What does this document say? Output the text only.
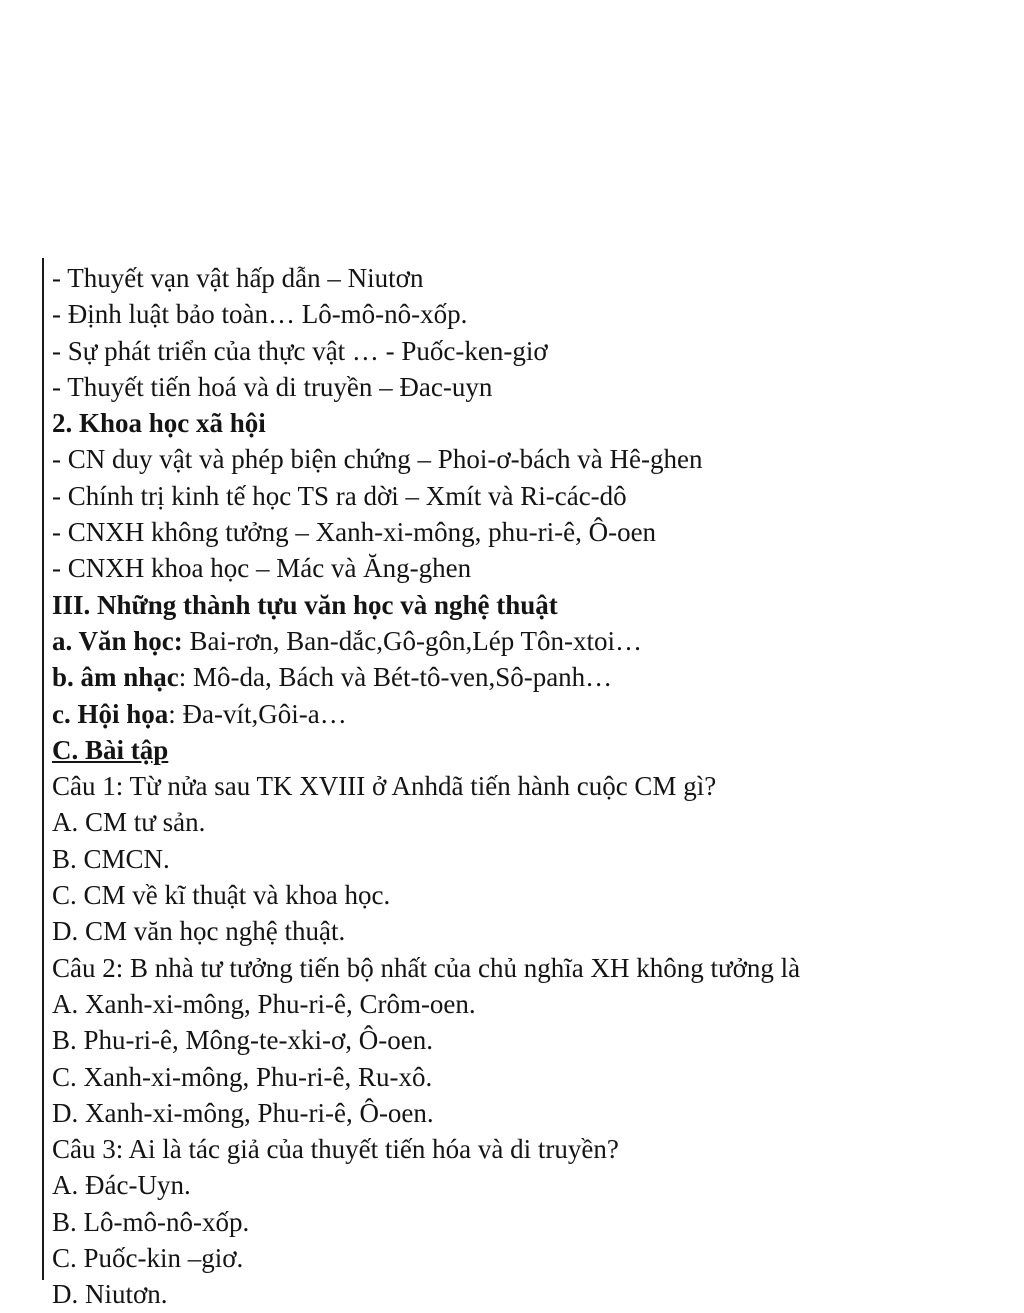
- Thuyết vạn vật hấp dẫn – Niutơn
- Định luật bảo toàn… Lô-mô-nô-xốp.
- Sự phát triển của thực vật … - Puốc-ken-giơ
- Thuyết tiến hoá và di truyền – Đac-uyn
2. Khoa học xã hội
- CN duy vật và phép biện chứng – Phoi-ơ-bách và Hê-ghen
- Chính trị kinh tế học TS ra dời – Xmít và Ri-các-dô
- CNXH không tưởng – Xanh-xi-mông, phu-ri-ê, Ô-oen
- CNXH khoa học – Mác và Ăng-ghen
III. Những thành tựu văn học và nghệ thuật
a. Văn học: Bai-rơn, Ban-dắc,Gô-gôn,Lép Tôn-xtoi…
b. âm nhạc: Mô-da, Bách và Bét-tô-ven,Sô-panh…
c. Hội họa: Đa-vít,Gôi-a…
C. Bài tập
Câu 1: Từ nửa sau TK XVIII ở Anhdã tiến hành cuộc CM gì?
A. CM tư sản.
B. CMCN.
C. CM về kĩ thuật và khoa học.
D. CM văn học nghệ thuật.
Câu 2: B nhà tư tưởng tiến bộ nhất của chủ nghĩa XH không tưởng là
A. Xanh-xi-mông, Phu-ri-ê, Crôm-oen.
B. Phu-ri-ê, Mông-te-xki-ơ, Ô-oen.
C. Xanh-xi-mông, Phu-ri-ê, Ru-xô.
D. Xanh-xi-mông, Phu-ri-ê, Ô-oen.
Câu 3: Ai là tác giả của thuyết tiến hóa và di truyền?
A. Đác-Uyn.
B. Lô-mô-nô-xốp.
C. Puốc-kin –giơ.
D. Niutơn.
